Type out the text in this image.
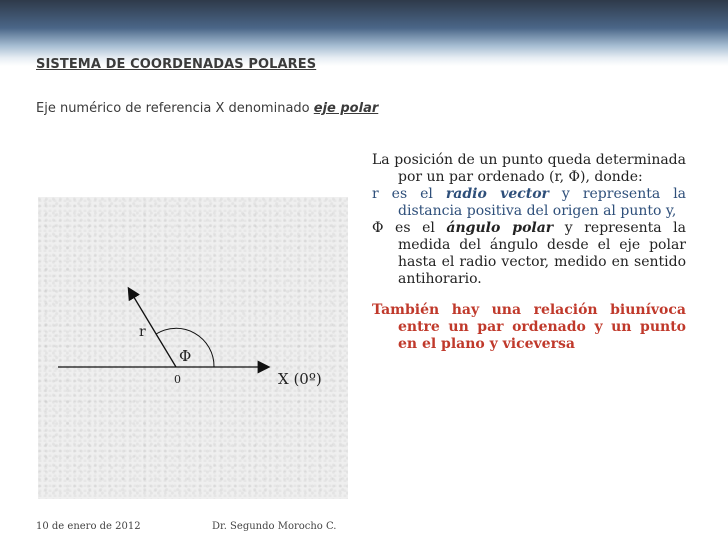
SISTEMA DE COORDENADAS POLARES
Eje numérico de referencia X denominado eje polar
r
Φ
0	X (0º)

La posición de un punto queda determinada por un par ordenado (r, Φ), donde:

r es el radio vector y representa la distancia positiva del origen al punto y,

Φ es el ángulo polar y representa la medida del ángulo desde el eje polar hasta el radio vector, medido en sentido antihorario.

También hay una relación biunívoca entre un par ordenado y un punto en el plano y viceversa

10 de enero de 2012	Dr. Segundo Morocho C.
